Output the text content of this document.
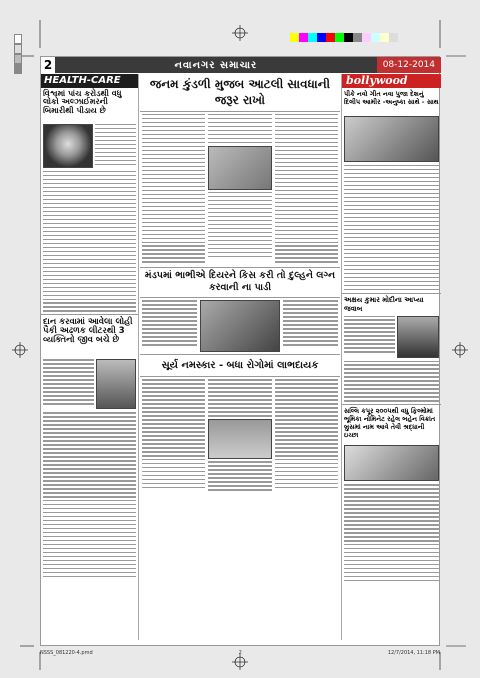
2	નવાનગર સમાચાર	08-12-2014
HEALTH-CARE
વિશ્વમાં પાંચ કરોડથી વધુ લોકો અલ્ઝાઈમરની બિમારીથી પીડાય છે
દાન કરવામાં આવેલા લોહી પૈકી અઢળક લીટરથી 3 વ્યક્તિનો જીવ બચે છે
જનમ કુંડળી મુજબ આટલી સાવધાની જરૂર રાખો
મંડપમાં ભાભીએ દિયરને કિસ કરી તો દુલ્હને લગ્ન કરવાની ના પાડી
સૂર્ય નમસ્કાર - બધા રોગોમાં લાભદાયક
bollywood
પીકે નવો ગીત નવા પુજા દેશનું દિલીપ આમીર -અનુષ્કા સાથે - સાથ
અક્ષય કુમાર મોદીના આપ્યા જવાબ
સલ્લિ કપૂર ૨૦૦૫થી વધુ ફિલ્મોમાં ભૂમિકા નોમિનેટ રહેલ બહેન વિક્રાંત બ્રુસમાં નામ આવે તેવી શ્રદ્ધાની ઇચ્છા
NSSS_081220-4.pmd	2	12/7/2014, 11:18 PM
